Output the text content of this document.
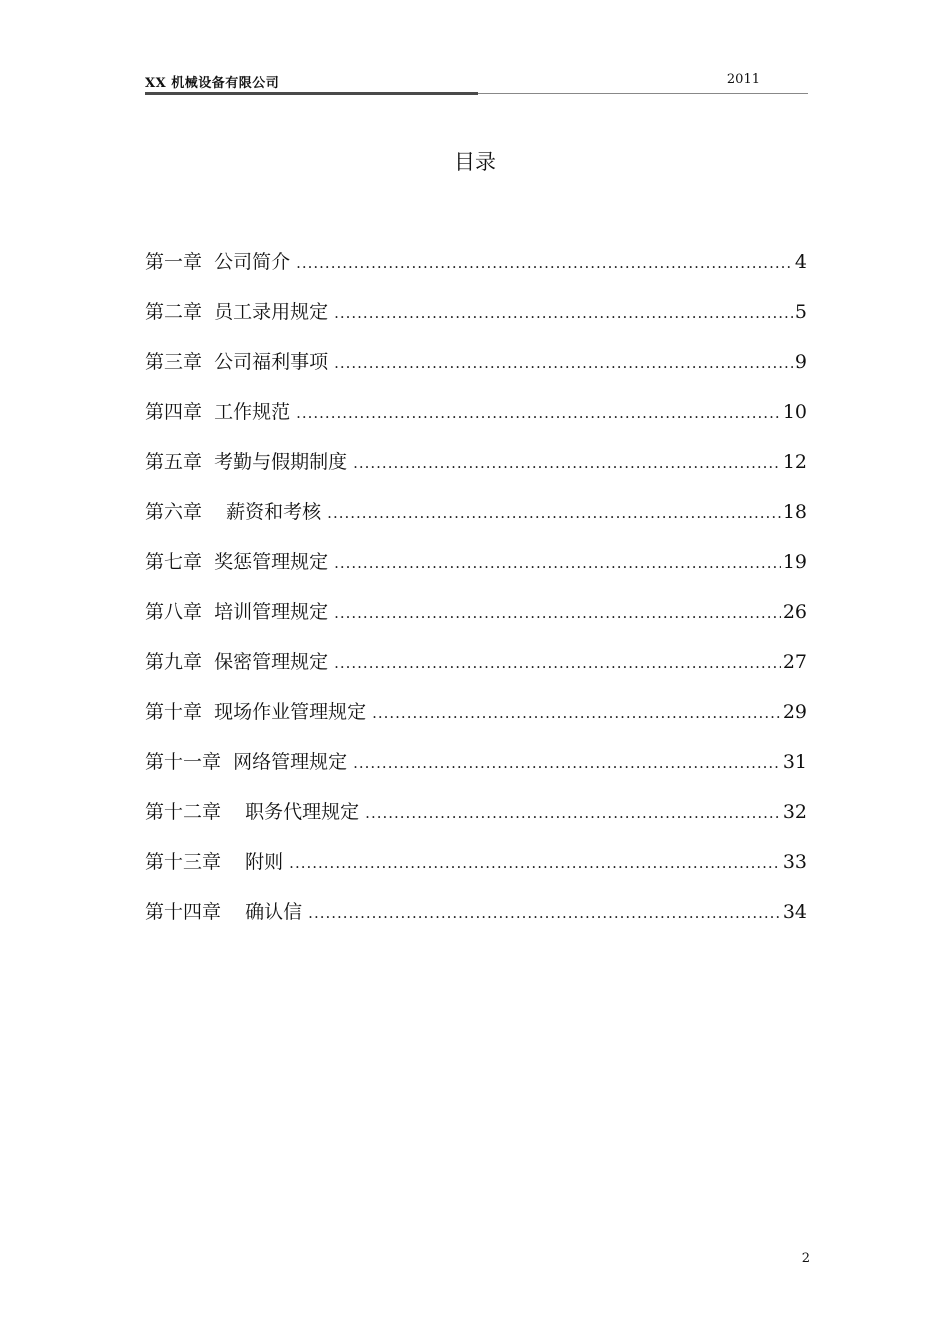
XX 机械设备有限公司	2011
目录
第一章  公司简介 .....	4
第二章  员工录用规定 .....	5
第三章  公司福利事项 .....	9
第四章  工作规范 .....	10
第五章  考勤与假期制度 .....	12
第六章    薪资和考核 .....	18
第七章  奖惩管理规定 .....	19
第八章  培训管理规定 .....	26
第九章  保密管理规定 .....	27
第十章  现场作业管理规定 .....	29
第十一章  网络管理规定 .....	31
第十二章    职务代理规定 .....	32
第十三章    附则 .....	33
第十四章    确认信 .....	34
2
